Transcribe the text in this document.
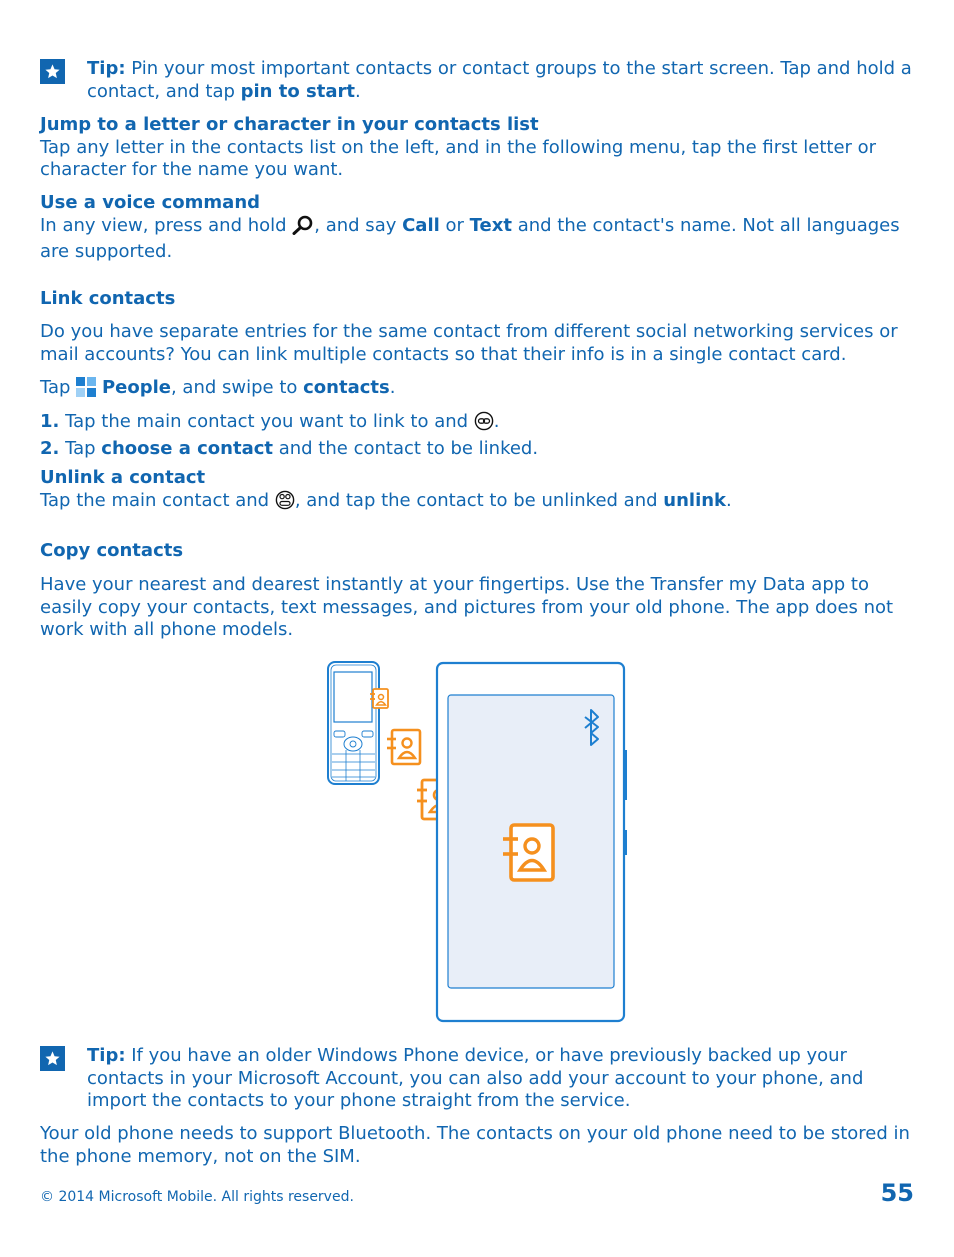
Tip: Pin your most important contacts or contact groups to the start screen. Tap and hold a contact, and tap pin to start.

Jump to a letter or character in your contacts list
Tap any letter in the contacts list on the left, and in the following menu, tap the first letter or character for the name you want.

Use a voice command
In any view, press and hold , and say Call or Text and the contact's name. Not all languages are supported.

Link contacts

Do you have separate entries for the same contact from different social networking services or mail accounts? You can link multiple contacts so that their info is in a single contact card.

Tap  People, and swipe to contacts.

1. Tap the main contact you want to link to and .
2. Tap choose a contact and the contact to be linked.

Unlink a contact
Tap the main contact and , and tap the contact to be unlinked and unlink.

Copy contacts

Have your nearest and dearest instantly at your fingertips. Use the Transfer my Data app to easily copy your contacts, text messages, and pictures from your old phone. The app does not work with all phone models.

Tip: If you have an older Windows Phone device, or have previously backed up your contacts in your Microsoft Account, you can also add your account to your phone, and import the contacts to your phone straight from the service.

Your old phone needs to support Bluetooth. The contacts on your old phone need to be stored in the phone memory, not on the SIM.

© 2014 Microsoft Mobile. All rights reserved.	55
